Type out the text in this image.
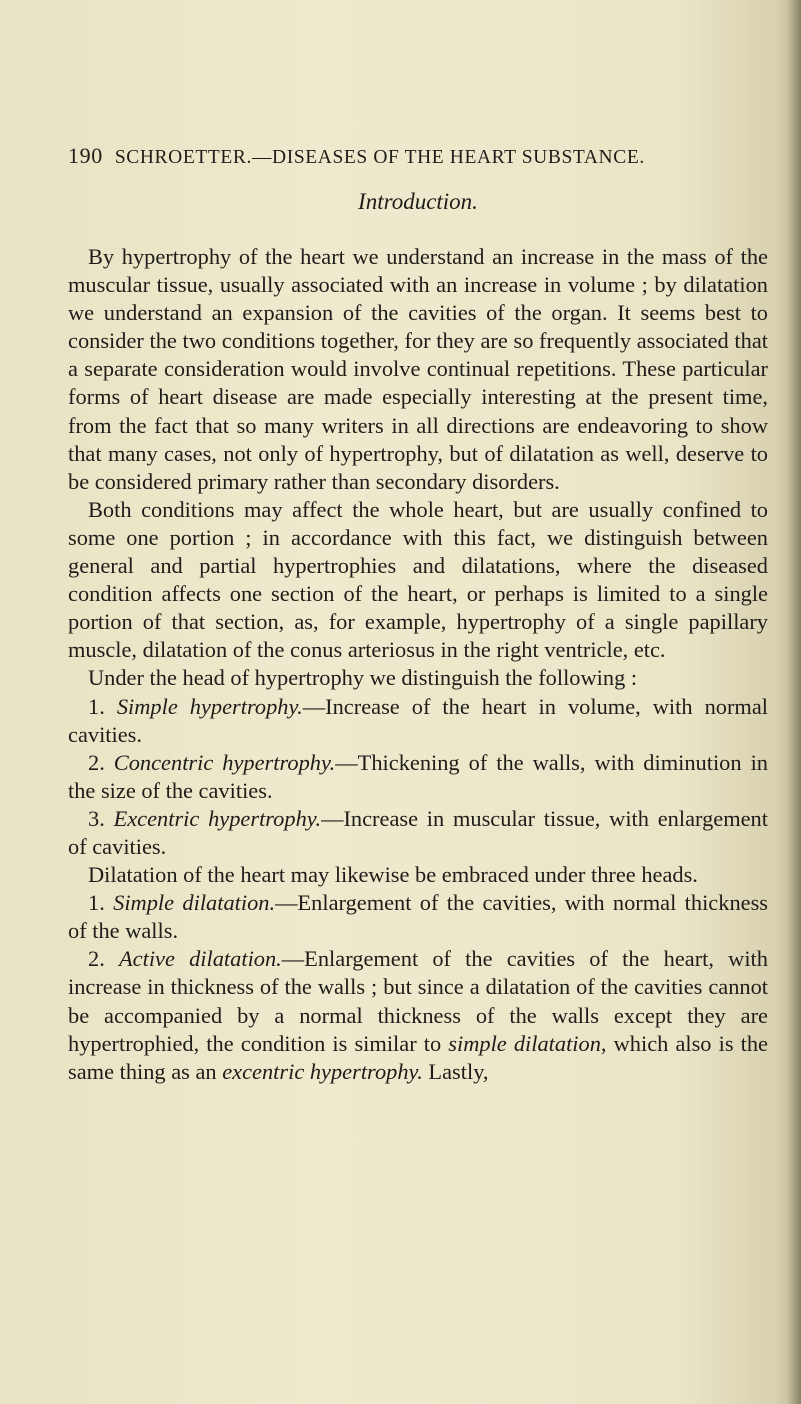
190 SCHROETTER.—DISEASES OF THE HEART SUBSTANCE.
Introduction.

By hypertrophy of the heart we understand an increase in the mass of the muscular tissue, usually associated with an increase in volume ; by dilatation we understand an expansion of the cavities of the organ. It seems best to consider the two conditions together, for they are so frequently associated that a separate consideration would involve continual repetitions. These particular forms of heart disease are made especially interesting at the present time, from the fact that so many writers in all directions are endeavoring to show that many cases, not only of hypertrophy, but of dilatation as well, deserve to be considered primary rather than secondary disorders.

Both conditions may affect the whole heart, but are usually confined to some one portion ; in accordance with this fact, we distinguish between general and partial hypertrophies and dilatations, where the diseased condition affects one section of the heart, or perhaps is limited to a single portion of that section, as, for example, hypertrophy of a single papillary muscle, dilatation of the conus arteriosus in the right ventricle, etc.

Under the head of hypertrophy we distinguish the following :

1. Simple hypertrophy.—Increase of the heart in volume, with normal cavities.

2. Concentric hypertrophy.—Thickening of the walls, with diminution in the size of the cavities.

3. Excentric hypertrophy.—Increase in muscular tissue, with enlargement of cavities.

Dilatation of the heart may likewise be embraced under three heads.

1. Simple dilatation.—Enlargement of the cavities, with normal thickness of the walls.

2. Active dilatation.—Enlargement of the cavities of the heart, with increase in thickness of the walls ; but since a dilatation of the cavities cannot be accompanied by a normal thickness of the walls except they are hypertrophied, the condition is similar to simple dilatation, which also is the same thing as an excentric hypertrophy. Lastly,
